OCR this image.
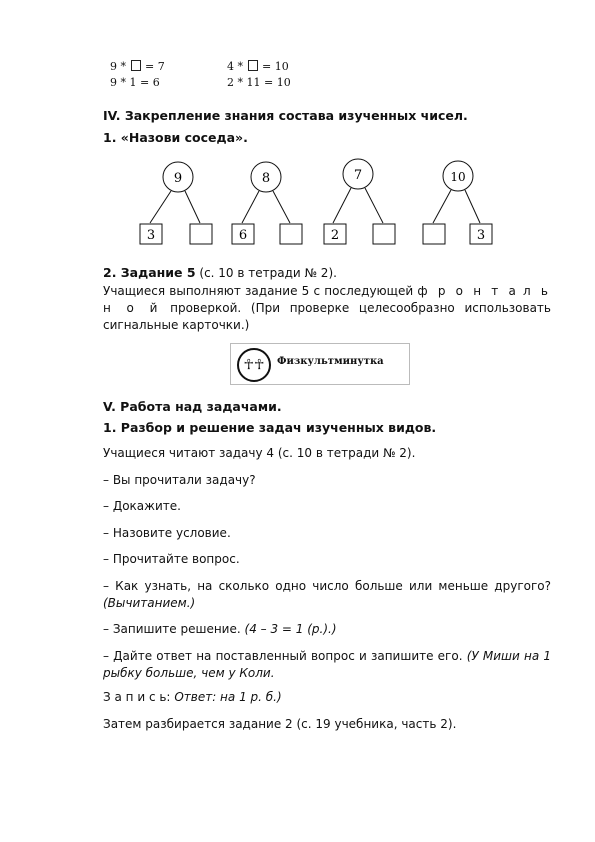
9 * = 7	4 * = 10
9 * 1 = 6	2 * 11 = 10
IV. Закрепление знания состава изученных чисел.
1. «Назови соседа».
9
3
8
6
7
2
10
3
2. Задание 5 (с. 10 в тетради № 2).
Учащиеся выполняют задание 5 с последующей ф р о н т а л ь н о й проверкой. (При проверке целесообразно использовать сигнальные карточки.)
☥☥	Физкультминутка
V. Работа над задачами.
1. Разбор и решение задач изученных видов.
Учащиеся читают задачу 4 (с. 10 в тетради № 2).
– Вы прочитали задачу?
– Докажите.
– Назовите условие.
– Прочитайте вопрос.
– Как узнать, на сколько одно число больше или меньше другого? (Вычитанием.)
– Запишите решение. (4 – 3 = 1 (р.).)
– Дайте ответ на поставленный вопрос и запишите его. (У Миши на 1 рыбку больше, чем у Коли.
З а п и с ь: Ответ: на 1 р. б.)
Затем разбирается задание 2 (с. 19 учебника, часть 2).
